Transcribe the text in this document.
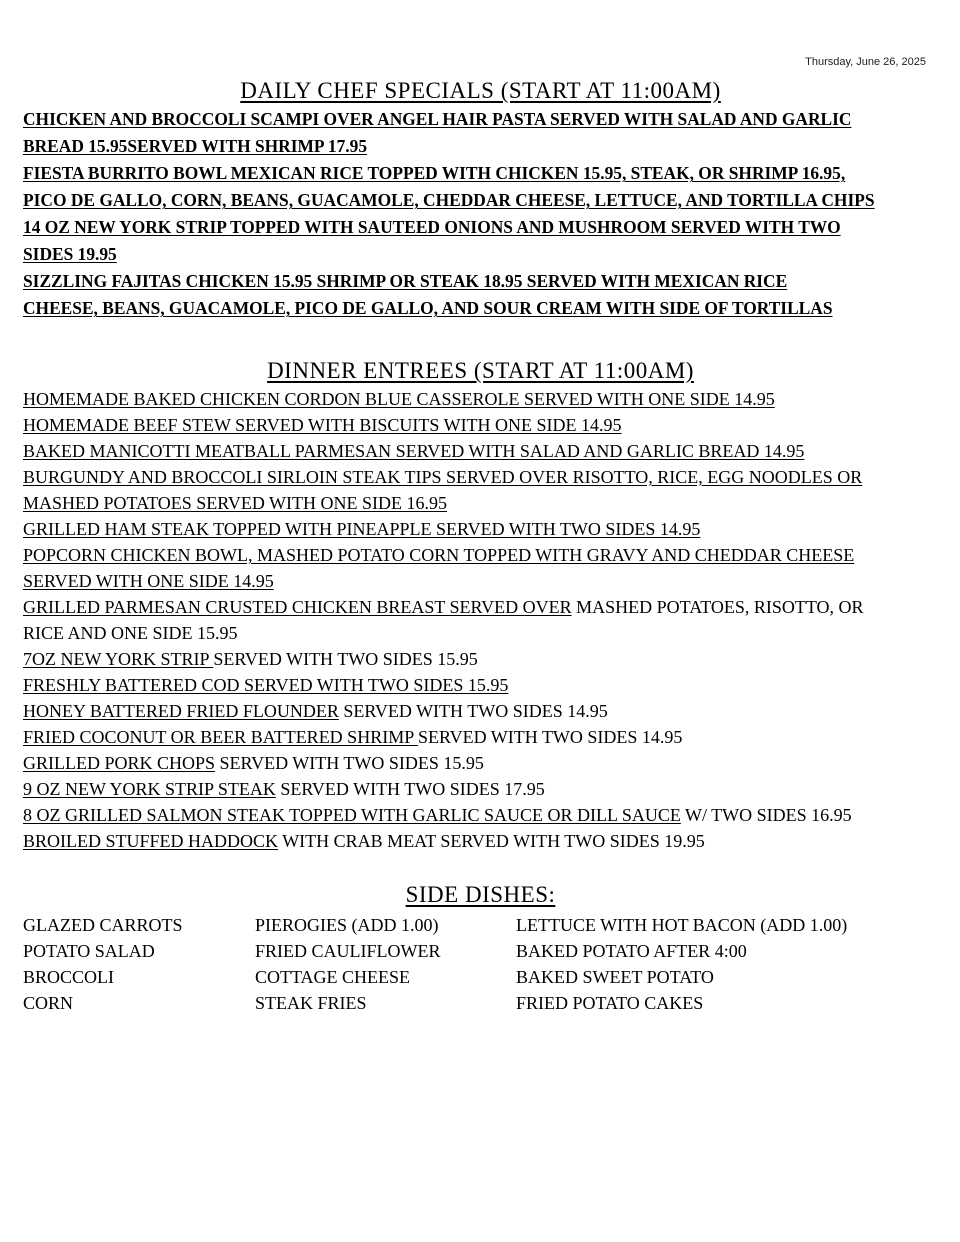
Thursday, June 26, 2025
DAILY CHEF SPECIALS (START AT 11:00AM)

CHICKEN AND BROCCOLI SCAMPI OVER ANGEL HAIR PASTA SERVED WITH SALAD AND GARLIC

BREAD 15.95SERVED WITH SHRIMP 17.95

FIESTA BURRITO BOWL MEXICAN RICE TOPPED WITH CHICKEN 15.95, STEAK, OR SHRIMP 16.95,

PICO DE GALLO, CORN, BEANS, GUACAMOLE, CHEDDAR CHEESE, LETTUCE, AND TORTILLA CHIPS

14 OZ NEW YORK STRIP TOPPED WITH SAUTEED ONIONS AND MUSHROOM SERVED WITH TWO

SIDES 19.95

SIZZLING FAJITAS CHICKEN 15.95 SHRIMP OR STEAK 18.95 SERVED WITH MEXICAN RICE

CHEESE, BEANS, GUACAMOLE, PICO DE GALLO, AND SOUR CREAM WITH SIDE OF TORTILLAS

DINNER ENTREES (START AT 11:00AM)

HOMEMADE BAKED CHICKEN CORDON BLUE CASSEROLE SERVED WITH ONE SIDE 14.95

HOMEMADE BEEF STEW SERVED WITH BISCUITS WITH ONE SIDE 14.95

BAKED MANICOTTI MEATBALL PARMESAN SERVED WITH SALAD AND GARLIC BREAD 14.95

BURGUNDY AND BROCCOLI SIRLOIN STEAK TIPS SERVED OVER RISOTTO, RICE, EGG NOODLES OR

MASHED POTATOES SERVED WITH ONE SIDE 16.95

GRILLED HAM STEAK TOPPED WITH PINEAPPLE SERVED WITH TWO SIDES 14.95

POPCORN CHICKEN BOWL, MASHED POTATO CORN TOPPED WITH GRAVY AND CHEDDAR CHEESE

SERVED WITH ONE SIDE 14.95

GRILLED PARMESAN CRUSTED CHICKEN BREAST SERVED OVER MASHED POTATOES, RISOTTO, OR

RICE AND ONE SIDE 15.95

7OZ NEW YORK STRIP SERVED WITH TWO SIDES 15.95

FRESHLY BATTERED COD SERVED WITH TWO SIDES 15.95

HONEY BATTERED FRIED FLOUNDER SERVED WITH TWO SIDES 14.95

FRIED COCONUT OR BEER BATTERED SHRIMP SERVED WITH TWO SIDES 14.95

GRILLED PORK CHOPS SERVED WITH TWO SIDES 15.95

9 OZ NEW YORK STRIP STEAK SERVED WITH TWO SIDES 17.95

8 OZ GRILLED SALMON STEAK TOPPED WITH GARLIC SAUCE OR DILL SAUCE W/ TWO SIDES 16.95

BROILED STUFFED HADDOCK WITH CRAB MEAT SERVED WITH TWO SIDES 19.95

SIDE DISHES:
GLAZED CARROTS	PIEROGIES (ADD 1.00)	LETTUCE WITH HOT BACON (ADD 1.00)
POTATO SALAD	FRIED CAULIFLOWER	BAKED POTATO AFTER 4:00
BROCCOLI	COTTAGE CHEESE	BAKED SWEET POTATO
CORN	STEAK FRIES	FRIED POTATO CAKES
